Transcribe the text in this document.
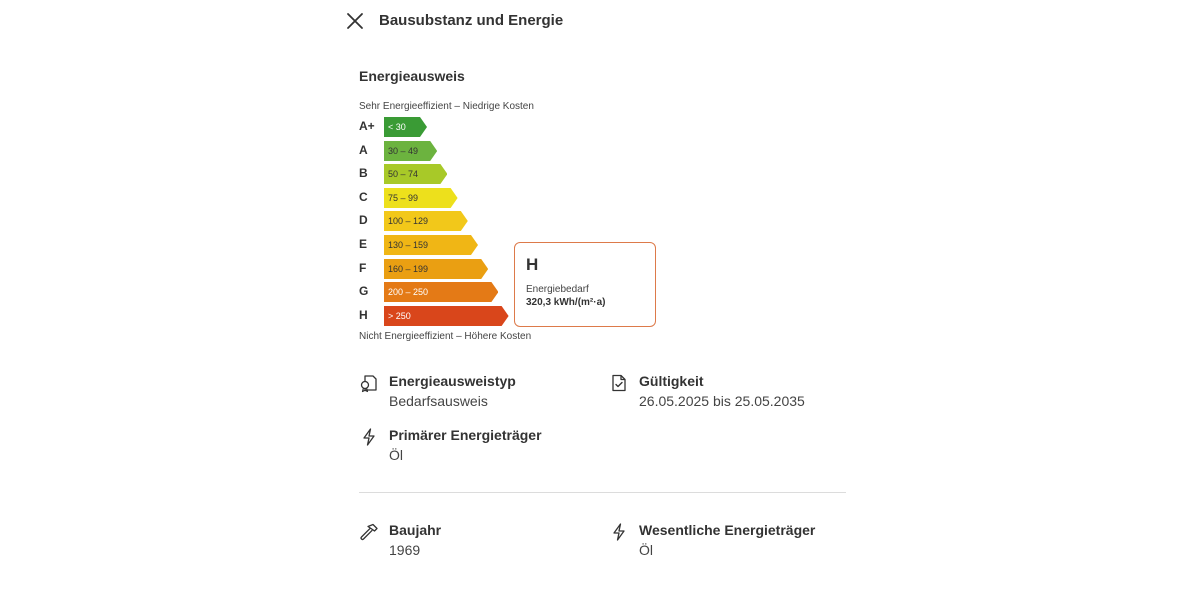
Bausubstanz und Energie
Energieausweis
Sehr Energieeffizient – Niedrige Kosten
A+ < 30
A 30 – 49
B 50 – 74
C 75 – 99
D 100 – 129
E 130 – 159
F 160 – 199
G 200 – 250
H > 250
Nicht Energieeffizient – Höhere Kosten
H
Energiebedarf
320,3 kWh/(m²·a)
Energieausweistyp
Bedarfsausweis
Gültigkeit
26.05.2025 bis 25.05.2035
Primärer Energieträger
Öl
Baujahr
1969
Wesentliche Energieträger
Öl
